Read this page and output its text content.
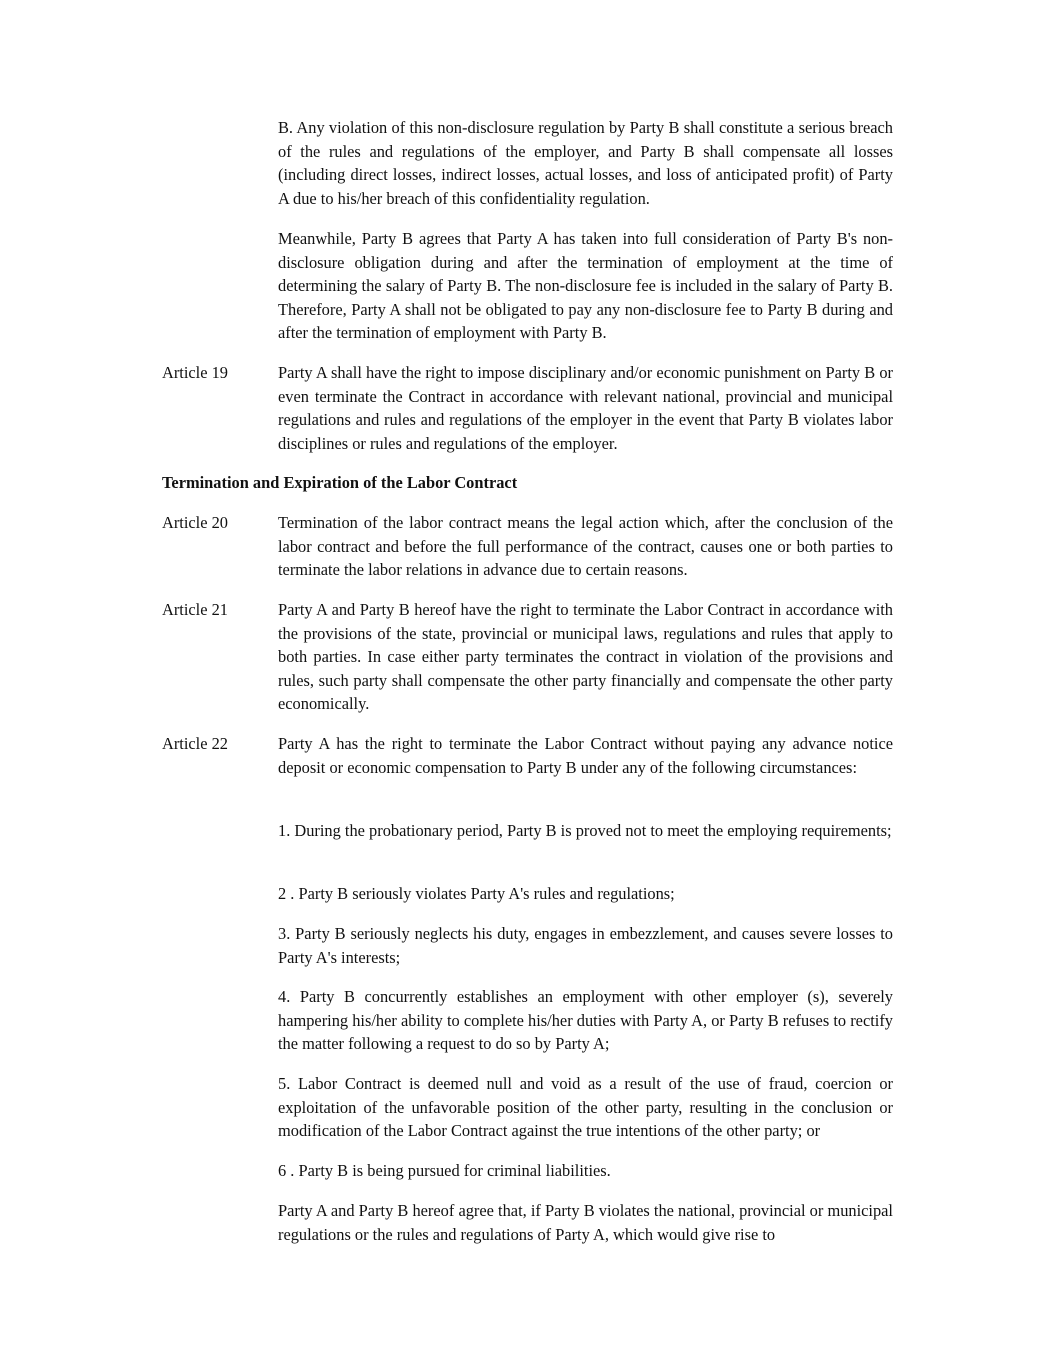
B. Any violation of this non-disclosure regulation by Party B shall constitute a serious breach of the rules and regulations of the employer, and Party B shall compensate all losses (including direct losses, indirect losses, actual losses, and loss of anticipated profit) of Party A due to his/her breach of this confidentiality regulation.

Meanwhile, Party B agrees that Party A has taken into full consideration of Party B's non-disclosure obligation during and after the termination of employment at the time of determining the salary of Party B. The non-disclosure fee is included in the salary of Party B. Therefore, Party A shall not be obligated to pay any non-disclosure fee to Party B during and after the termination of employment with Party B.

Article 19	Party A shall have the right to impose disciplinary and/or economic punishment on Party B or even terminate the Contract in accordance with relevant national, provincial and municipal regulations and rules and regulations of the employer in the event that Party B violates labor disciplines or rules and regulations of the employer.

Termination and Expiration of the Labor Contract
Article 20	Termination of the labor contract means the legal action which, after the conclusion of the labor contract and before the full performance of the contract, causes one or both parties to terminate the labor relations in advance due to certain reasons.

Article 21	Party A and Party B hereof have the right to terminate the Labor Contract in accordance with the provisions of the state, provincial or municipal laws, regulations and rules that apply to both parties. In case either party terminates the contract in violation of the provisions and rules, such party shall compensate the other party financially and compensate the other party economically.

Article 22	Party A has the right to terminate the Labor Contract without paying any advance notice deposit or economic compensation to Party B under any of the following circumstances:

1. During the probationary period, Party B is proved not to meet the employing requirements;

2 . Party B seriously violates Party A's rules and regulations;

3. Party B seriously neglects his duty, engages in embezzlement, and causes severe losses to Party A's interests;

4. Party B concurrently establishes an employment with other employer (s), severely hampering his/her ability to complete his/her duties with Party A, or Party B refuses to rectify the matter following a request to do so by Party A;

5. Labor Contract is deemed null and void as a result of the use of fraud, coercion or exploitation of the unfavorable position of the other party, resulting in the conclusion or modification of the Labor Contract against the true intentions of the other party; or

6 . Party B is being pursued for criminal liabilities.

Party A and Party B hereof agree that, if Party B violates the national, provincial or municipal regulations or the rules and regulations of Party A, which would give rise to
